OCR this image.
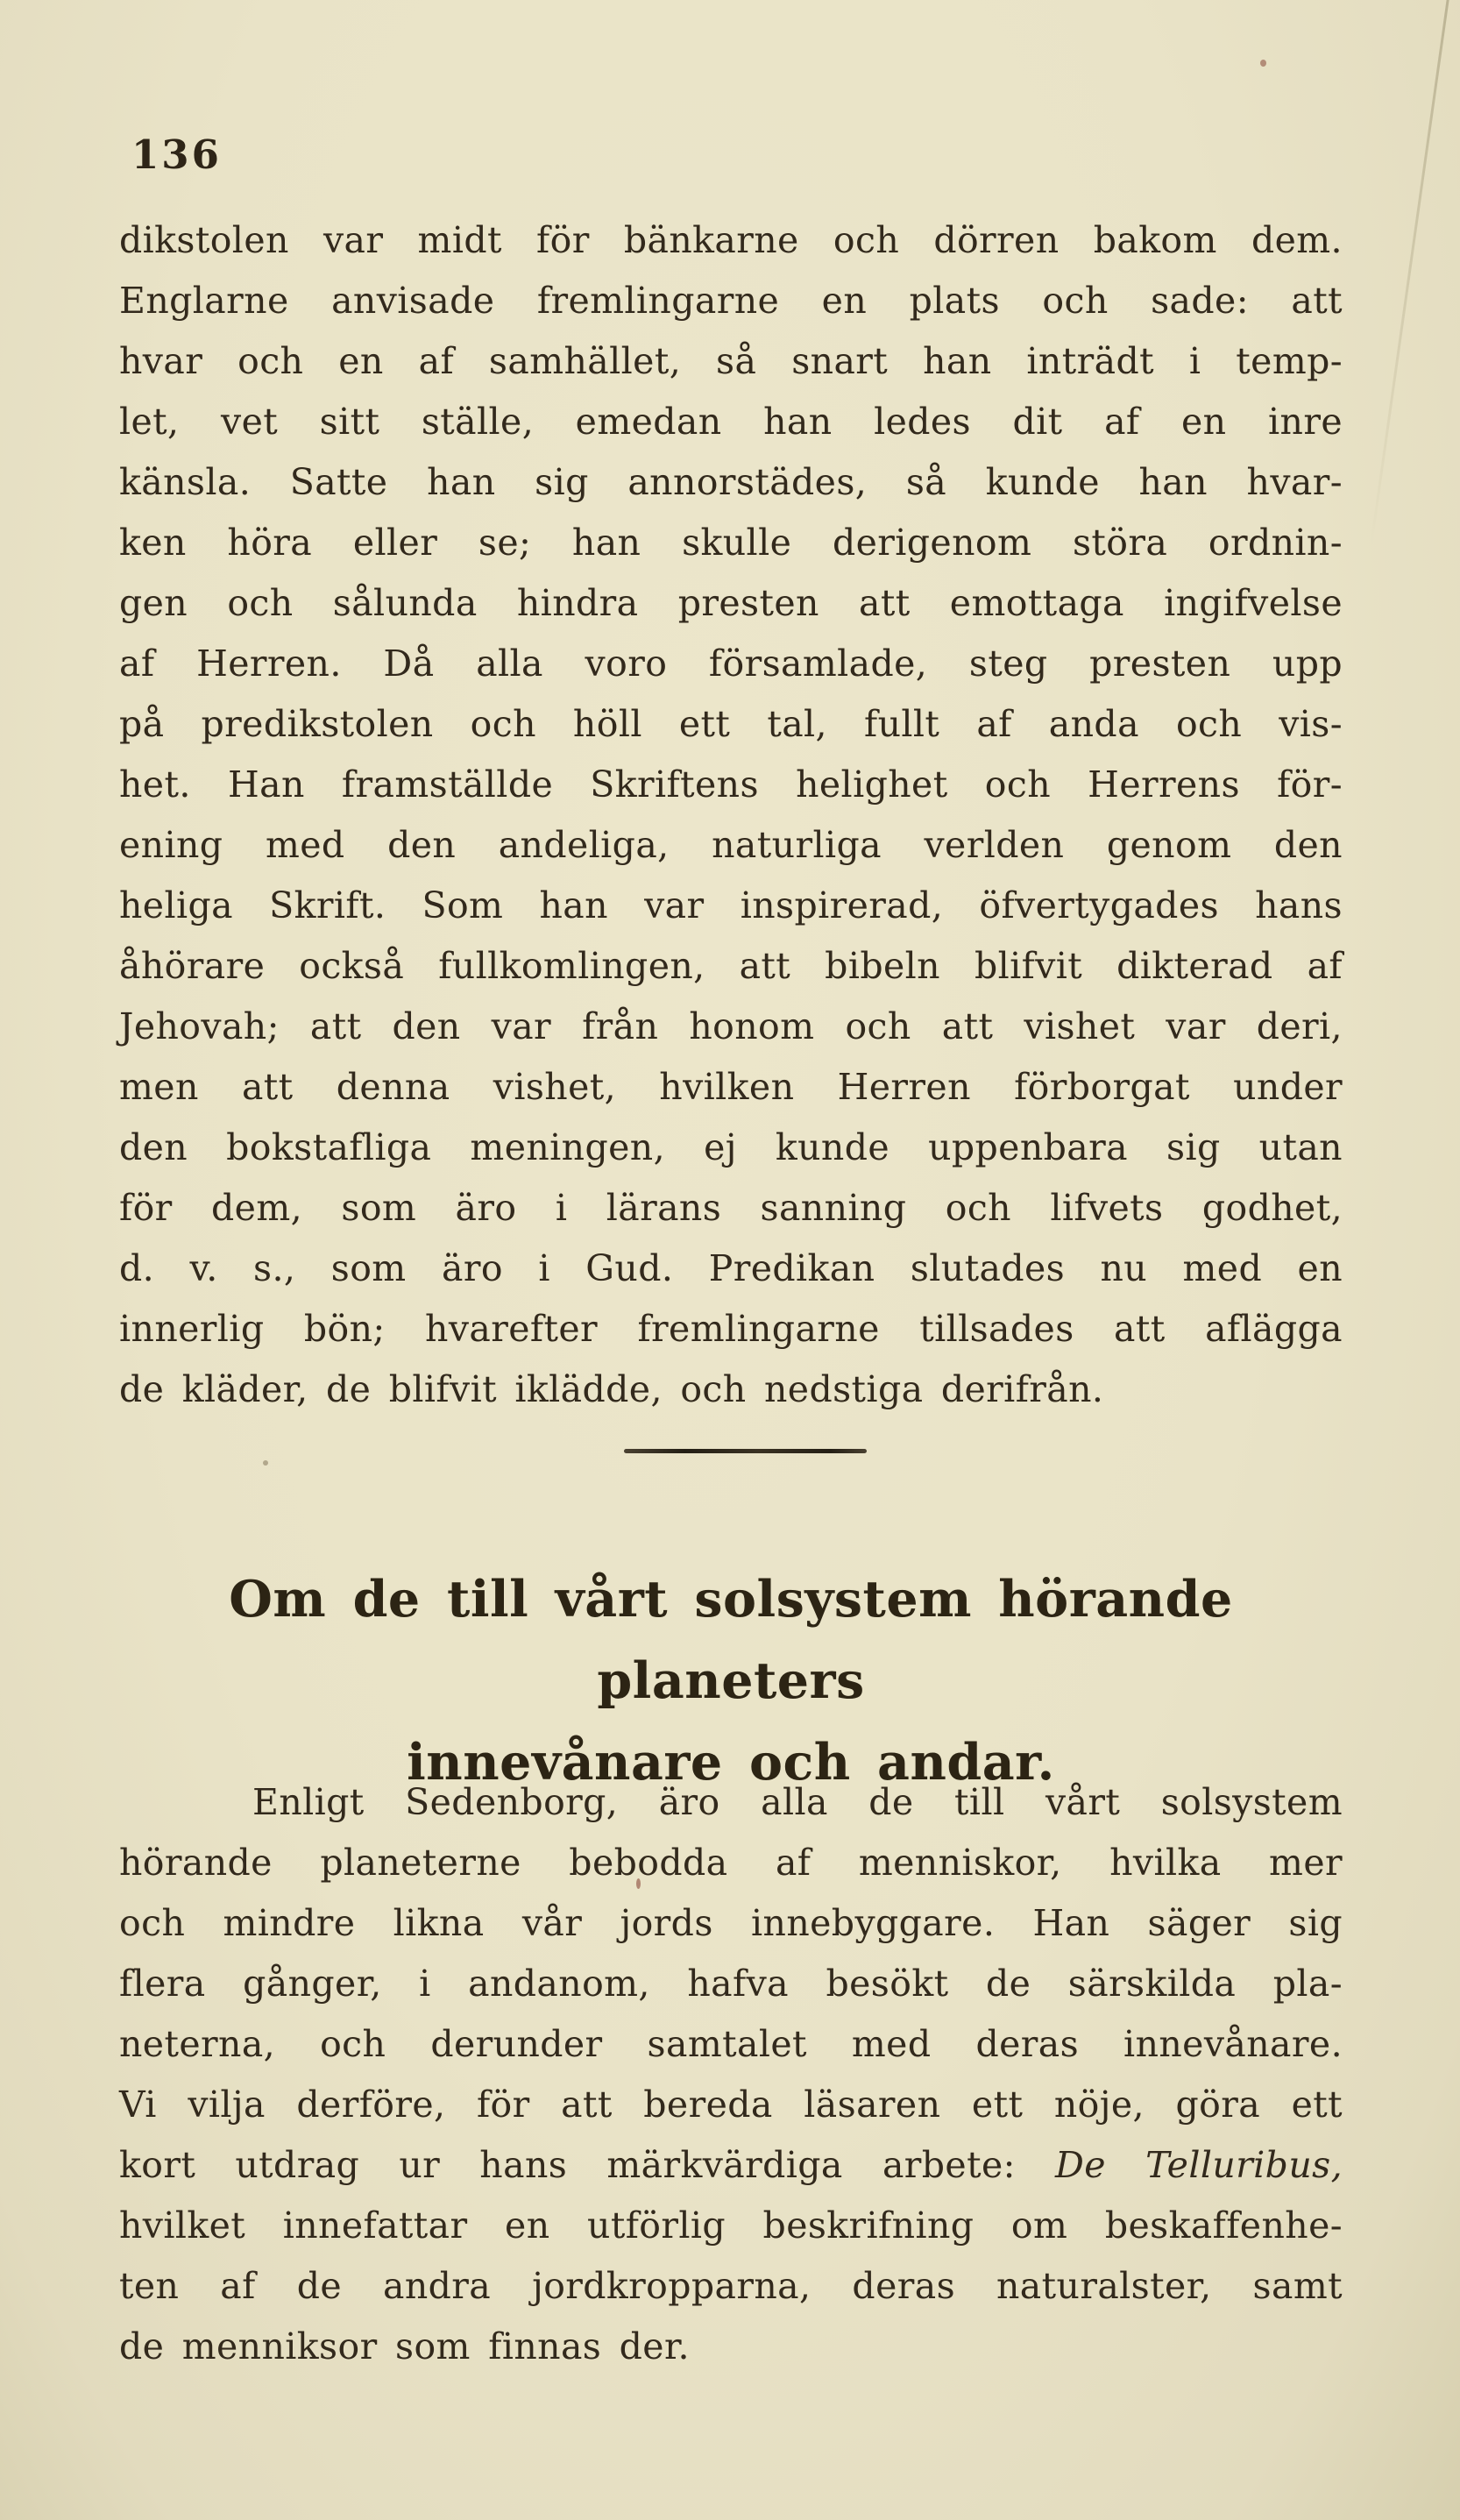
136
dikstolen var midt för bänkarne och dörren bakom dem.
Englarne anvisade fremlingarne en plats och sade: att
hvar och en af samhället, så snart han inträdt i temp-
let, vet sitt ställe, emedan han ledes dit af en inre
känsla. Satte han sig annorstädes, så kunde han hvar-
ken höra eller se; han skulle derigenom störa ordnin-
gen och sålunda hindra presten att emottaga ingifvelse
af Herren. Då alla voro församlade, steg presten upp
på predikstolen och höll ett tal, fullt af anda och vis-
het. Han framställde Skriftens helighet och Herrens för-
ening med den andeliga, naturliga verlden genom den
heliga Skrift. Som han var inspirerad, öfvertygades hans
åhörare också fullkomlingen, att bibeln blifvit dikterad af
Jehovah; att den var från honom och att vishet var deri,
men att denna vishet, hvilken Herren förborgat under
den bokstafliga meningen, ej kunde uppenbara sig utan
för dem, som äro i lärans sanning och lifvets godhet,
d. v. s., som äro i Gud. Predikan slutades nu med en
innerlig bön; hvarefter fremlingarne tillsades att aflägga
de kläder, de blifvit iklädde, och nedstiga derifrån.
Om de till vårt solsystem hörande planeters
innevånare och andar.
Enligt Sedenborg, äro alla de till vårt solsystem
hörande planeterne bebodda af menniskor, hvilka mer
och mindre likna vår jords innebyggare. Han säger sig
flera gånger, i andanom, hafva besökt de särskilda pla-
neterna, och derunder samtalet med deras innevånare.
Vi vilja derföre, för att bereda läsaren ett nöje, göra ett
kort utdrag ur hans märkvärdiga arbete: De Telluribus,
hvilket innefattar en utförlig beskrifning om beskaffenhe-
ten af de andra jordkropparna, deras naturalster, samt
de menniksor som finnas der.
